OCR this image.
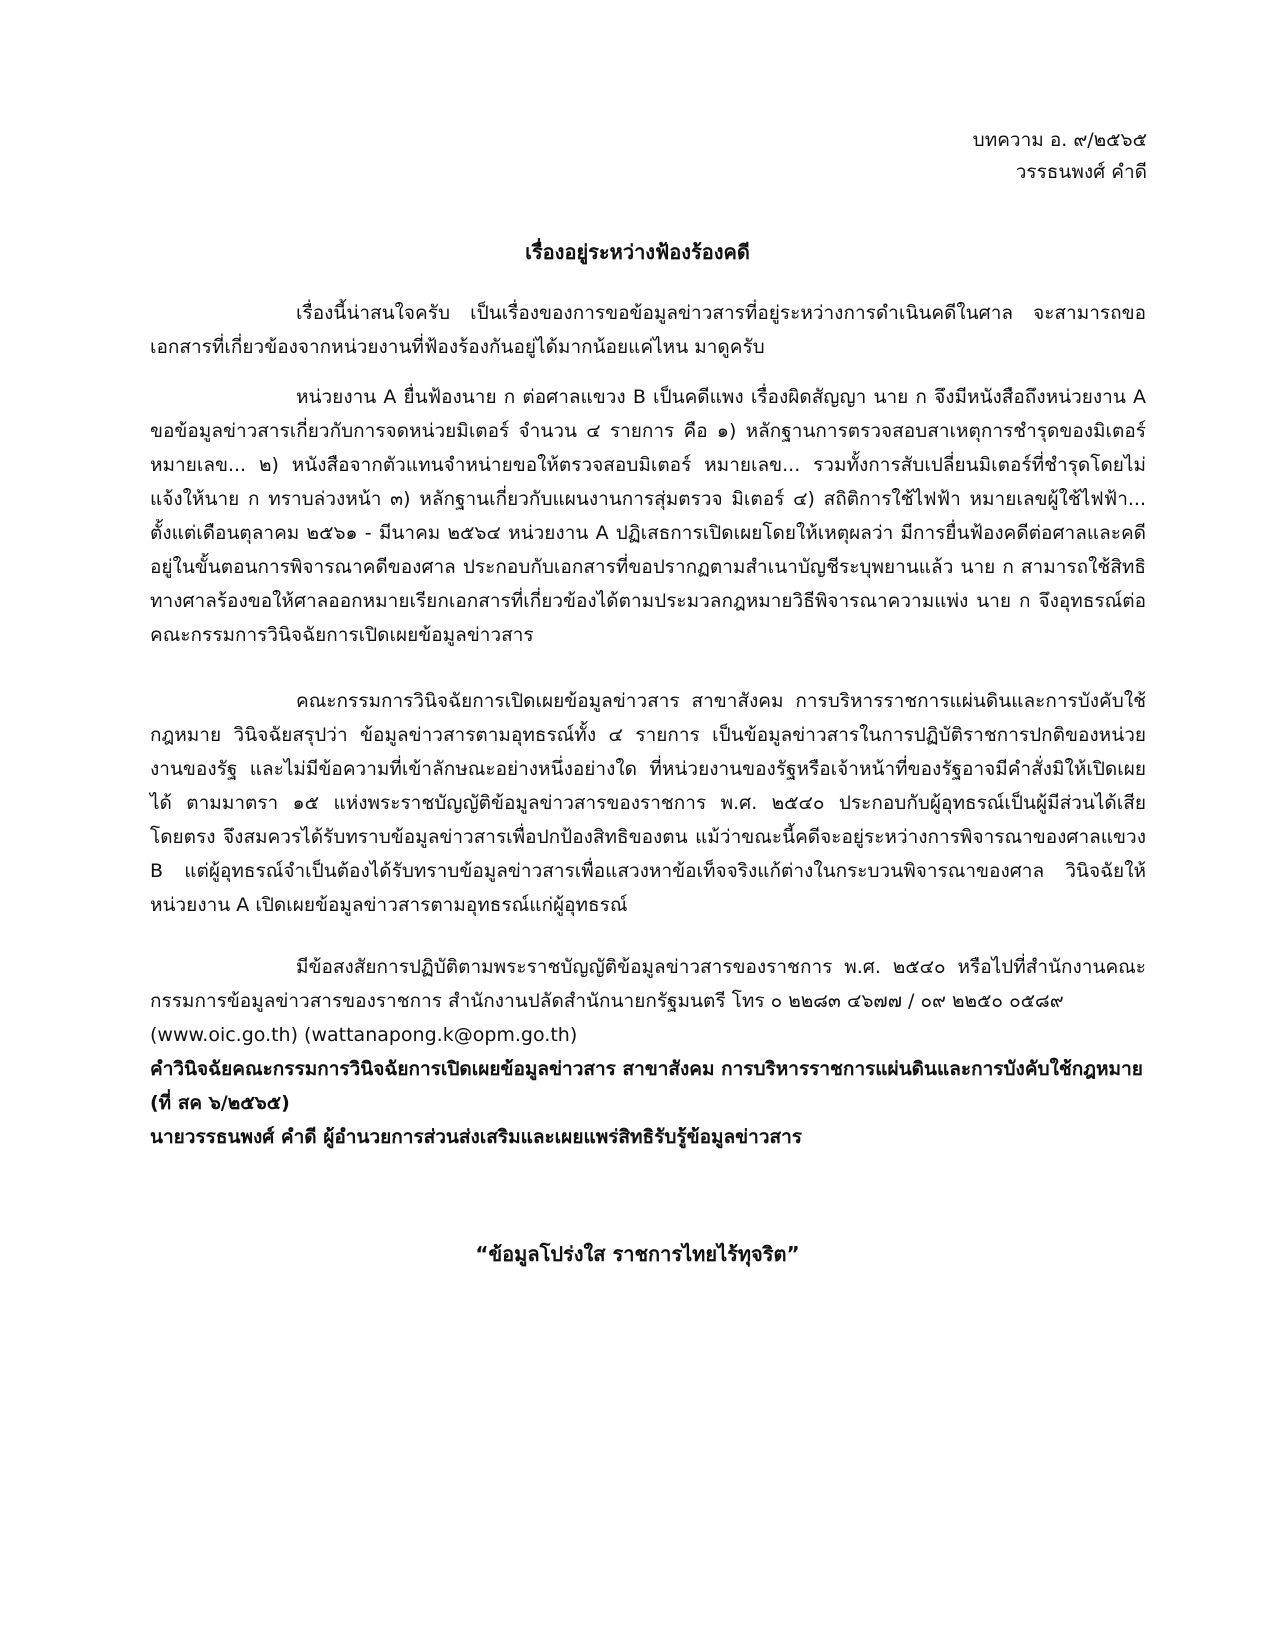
บทความ อ. ๙/๒๕๖๕
วรรธนพงศ์ คำดี
เรื่องอยู่ระหว่างฟ้องร้องคดี

เรื่องนี้น่าสนใจครับ เป็นเรื่องของการขอข้อมูลข่าวสารที่อยู่ระหว่างการดำเนินคดีในศาล จะสามารถขอเอกสารที่เกี่ยวข้องจากหน่วยงานที่ฟ้องร้องกันอยู่ได้มากน้อยแค่ไหน มาดูครับ

หน่วยงาน A ยื่นฟ้องนาย ก ต่อศาลแขวง B เป็นคดีแพง เรื่องผิดสัญญา นาย ก จึงมีหนังสือถึงหน่วยงาน A ขอข้อมูลข่าวสารเกี่ยวกับการจดหน่วยมิเตอร์ จำนวน ๔ รายการ คือ ๑) หลักฐานการตรวจสอบสาเหตุการชำรุดของมิเตอร์ หมายเลข... ๒) หนังสือจากตัวแทนจำหน่ายขอให้ตรวจสอบมิเตอร์ หมายเลข... รวมทั้งการสับเปลี่ยนมิเตอร์ที่ชำรุดโดยไม่แจ้งให้นาย ก ทราบล่วงหน้า ๓) หลักฐานเกี่ยวกับแผนงานการสุ่มตรวจ มิเตอร์ ๔) สถิติการใช้ไฟฟ้า หมายเลขผู้ใช้ไฟฟ้า... ตั้งแต่เดือนตุลาคม ๒๕๖๑ - มีนาคม ๒๕๖๔ หน่วยงาน A ปฏิเสธการเปิดเผยโดยให้เหตุผลว่า มีการยื่นฟ้องคดีต่อศาลและคดีอยู่ในขั้นตอนการพิจารณาคดีของศาล ประกอบกับเอกสารที่ขอปรากฏตามสำเนาบัญชีระบุพยานแล้ว นาย ก สามารถใช้สิทธิทางศาลร้องขอให้ศาลออกหมายเรียกเอกสารที่เกี่ยวข้องได้ตามประมวลกฎหมายวิธีพิจารณาความแพ่ง นาย ก จึงอุทธรณ์ต่อคณะกรรมการวินิจฉัยการเปิดเผยข้อมูลข่าวสาร

คณะกรรมการวินิจฉัยการเปิดเผยข้อมูลข่าวสาร สาขาสังคม การบริหารราชการแผ่นดินและการบังคับใช้กฎหมาย วินิจฉัยสรุปว่า ข้อมูลข่าวสารตามอุทธรณ์ทั้ง ๔ รายการ เป็นข้อมูลข่าวสารในการปฏิบัติราชการปกติของหน่วยงานของรัฐ และไม่มีข้อความที่เข้าลักษณะอย่างหนึ่งอย่างใด ที่หน่วยงานของรัฐหรือเจ้าหน้าที่ของรัฐอาจมีคำสั่งมิให้เปิดเผยได้ ตามมาตรา ๑๕ แห่งพระราชบัญญัติข้อมูลข่าวสารของราชการ พ.ศ. ๒๕๔๐ ประกอบกับผู้อุทธรณ์เป็นผู้มีส่วนได้เสียโดยตรง จึงสมควรได้รับทราบข้อมูลข่าวสารเพื่อปกป้องสิทธิของตน แม้ว่าขณะนี้คดีจะอยู่ระหว่างการพิจารณาของศาลแขวง B แต่ผู้อุทธรณ์จำเป็นต้องได้รับทราบข้อมูลข่าวสารเพื่อแสวงหาข้อเท็จจริงแก้ต่างในกระบวนพิจารณาของศาล วินิจฉัยให้หน่วยงาน A เปิดเผยข้อมูลข่าวสารตามอุทธรณ์แก่ผู้อุทธรณ์

มีข้อสงสัยการปฏิบัติตามพระราชบัญญัติข้อมูลข่าวสารของราชการ พ.ศ. ๒๕๔๐ หรือไปที่สำนักงานคณะกรรมการข้อมูลข่าวสารของราชการ สำนักงานปลัดสำนักนายกรัฐมนตรี โทร ๐ ๒๒๘๓ ๔๖๗๗ / ๐๙ ๒๒๕๐ ๐๕๘๙

(www.oic.go.th) (wattanapong.k@opm.go.th)

คำวินิจฉัยคณะกรรมการวินิจฉัยการเปิดเผยข้อมูลข่าวสาร สาขาสังคม การบริหารราชการแผ่นดินและการบังคับใช้กฎหมาย (ที่ สค ๖/๒๕๖๕)

นายวรรธนพงศ์ คำดี ผู้อำนวยการส่วนส่งเสริมและเผยแพร่สิทธิรับรู้ข้อมูลข่าวสาร

“ข้อมูลโปร่งใส ราชการไทยไร้ทุจริต”
